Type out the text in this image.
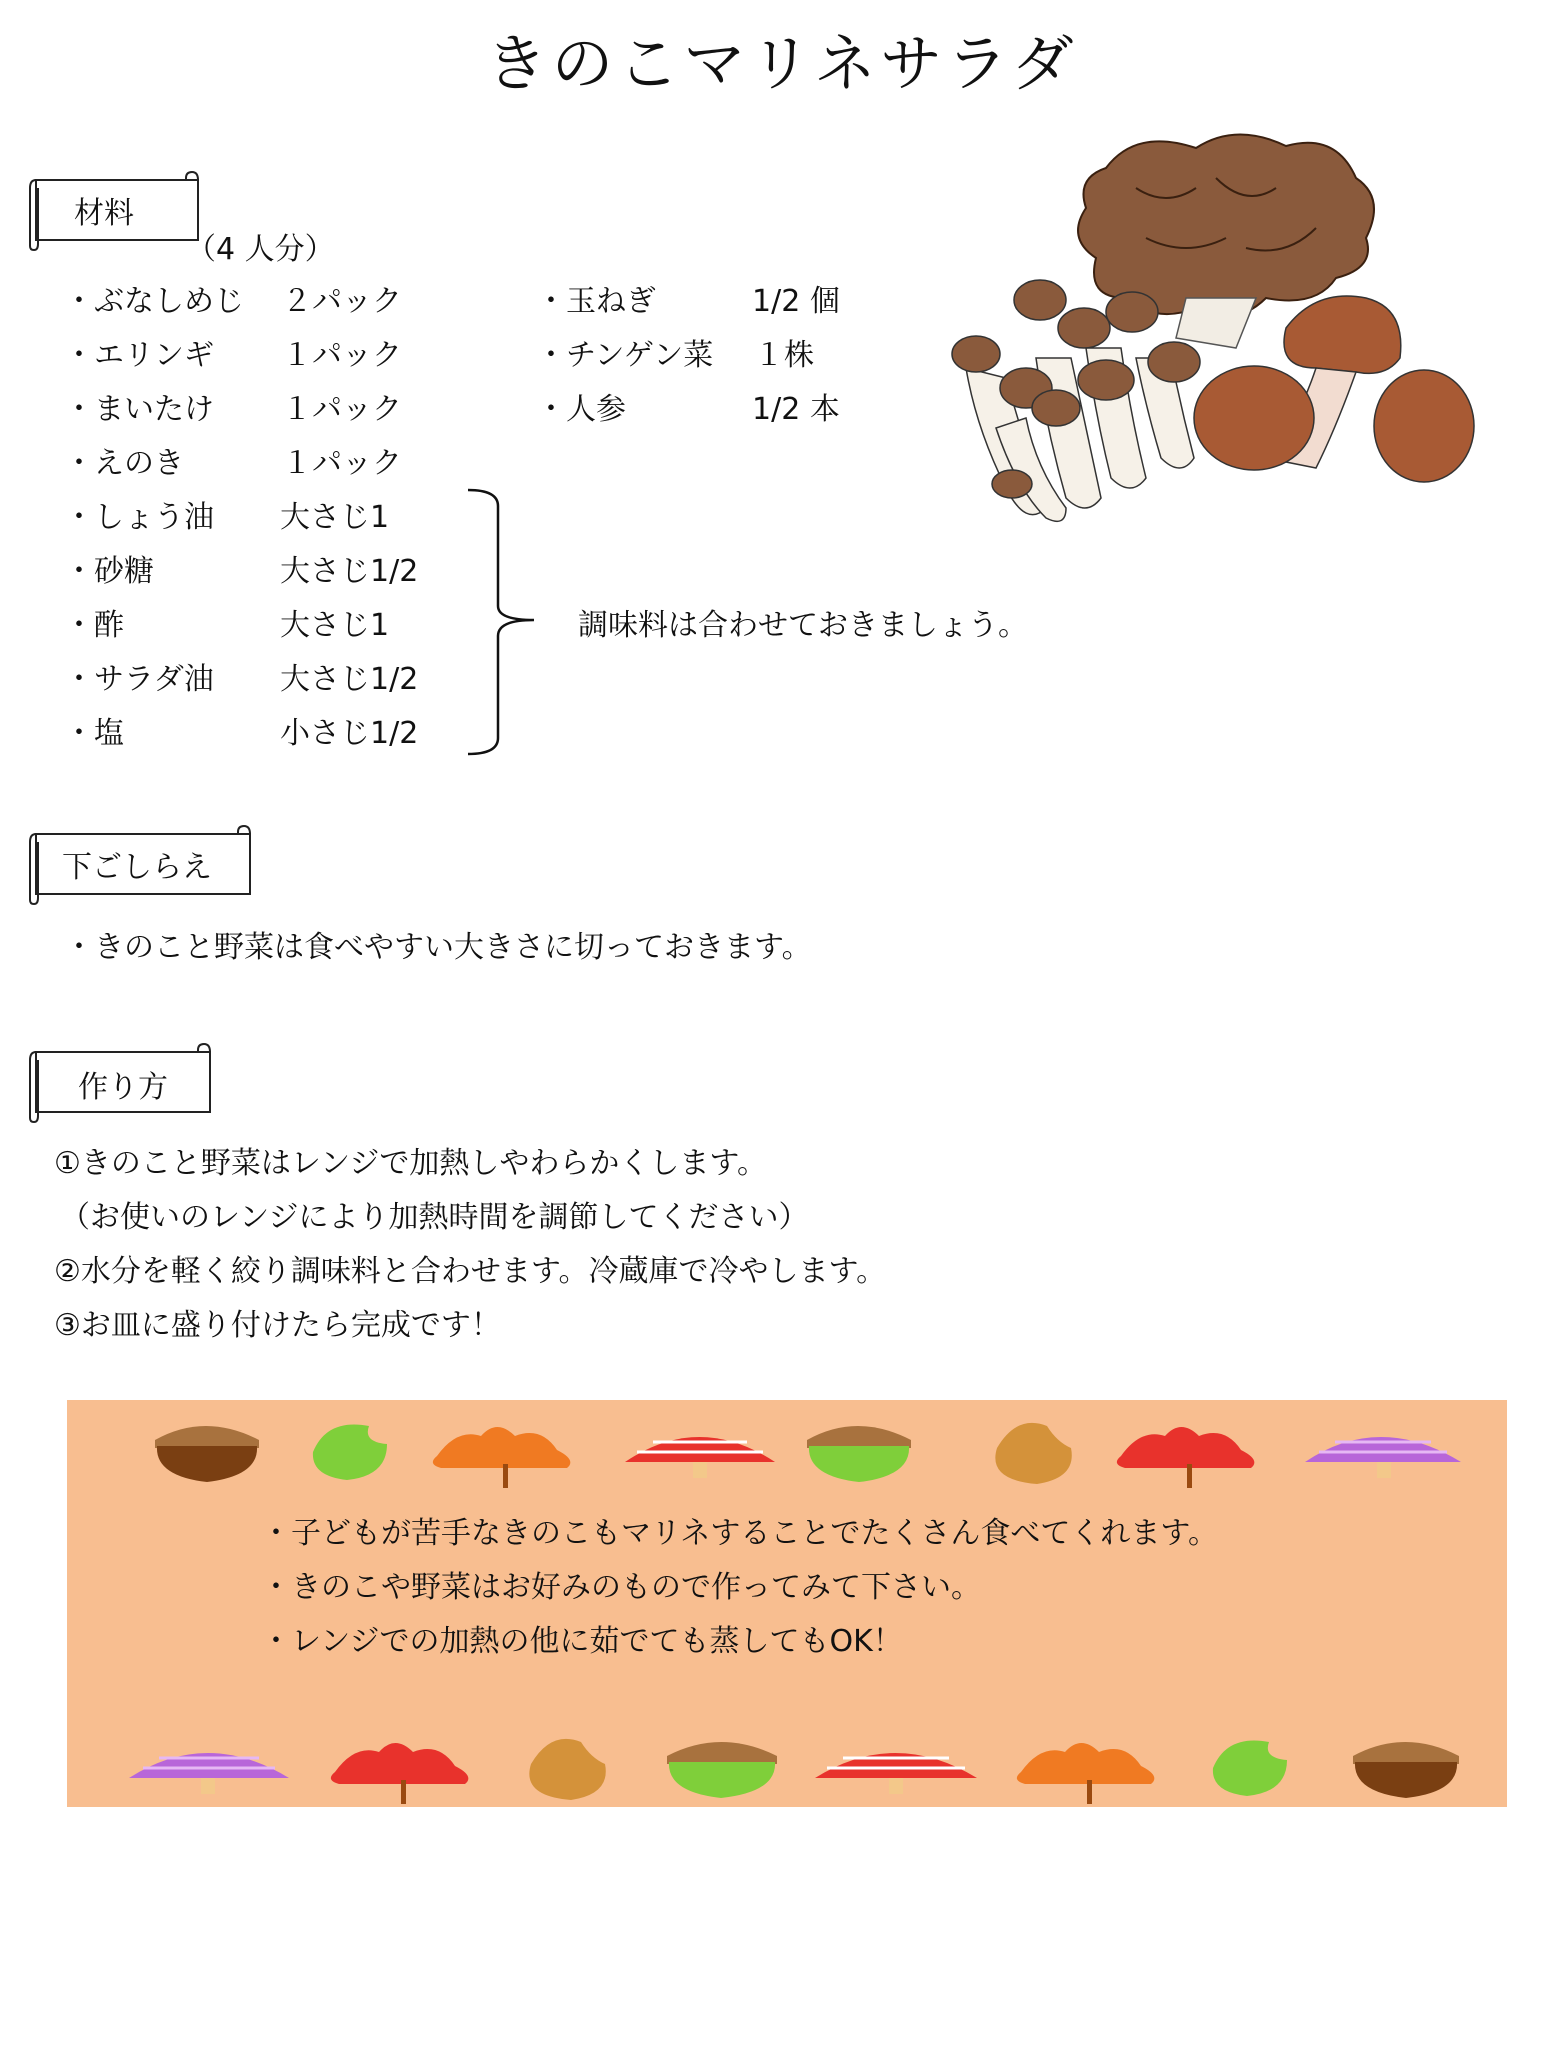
きのこマリネサラダ
材料
（4 人分）
・ぶなしめじ ２パック
・エリンギ １パック
・まいたけ １パック
・えのき	１パック
・しょう油 大さじ1
・砂糖	大さじ1/2
・酢	大さじ1
・サラダ油 大さじ1/2
・塩	小さじ1/2
・玉ねぎ	1/2 個
・チンゲン菜 １株
・人参	1/2 本
調味料は合わせておきましょう。
下ごしらえ
・きのこと野菜は食べやすい大きさに切っておきます。
作り方
①きのこと野菜はレンジで加熱しやわらかくします。
（お使いのレンジにより加熱時間を調節してください）
②水分を軽く絞り調味料と合わせます。冷蔵庫で冷やします。
③お皿に盛り付けたら完成です！
・子どもが苦手なきのこもマリネすることでたくさん食べてくれます。
・きのこや野菜はお好みのもので作ってみて下さい。
・レンジでの加熱の他に茹でても蒸してもOK！
